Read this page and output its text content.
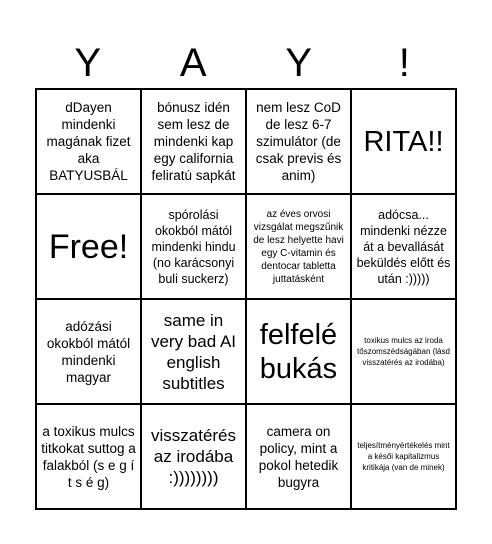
Y	A	Y	!
dDayen mindenki magának fizet aka BATYUSBÁL
bónusz idén sem lesz de mindenki kap egy california feliratú sapkát
nem lesz CoD de lesz 6-7 szimulátor (de csak previs és anim)
RITA!!
Free!
spórolási okokból mától mindenki hindu (no karácsonyi buli suckerz)
az éves orvosi vizsgálat megszűnik de lesz helyette havi egy C-vitamin és dentocar tabletta juttatásként
adócsa... mindenki nézze át a bevallását beküldés előtt és után :)))))
adózási okokból mától mindenki magyar
same in very bad AI english subtitles
felfelé bukás
toxikus mulcs az iroda tőszomszédságában (lásd visszatérés az irodába)
a toxikus mulcs titkokat suttog a falakból (s e g í t s é g)
visszatérés az irodába :))))))))
camera on policy, mint a pokol hetedik bugyra
teljesítményértékelés mint a késői kapitalizmus kritikája (van de minek)
